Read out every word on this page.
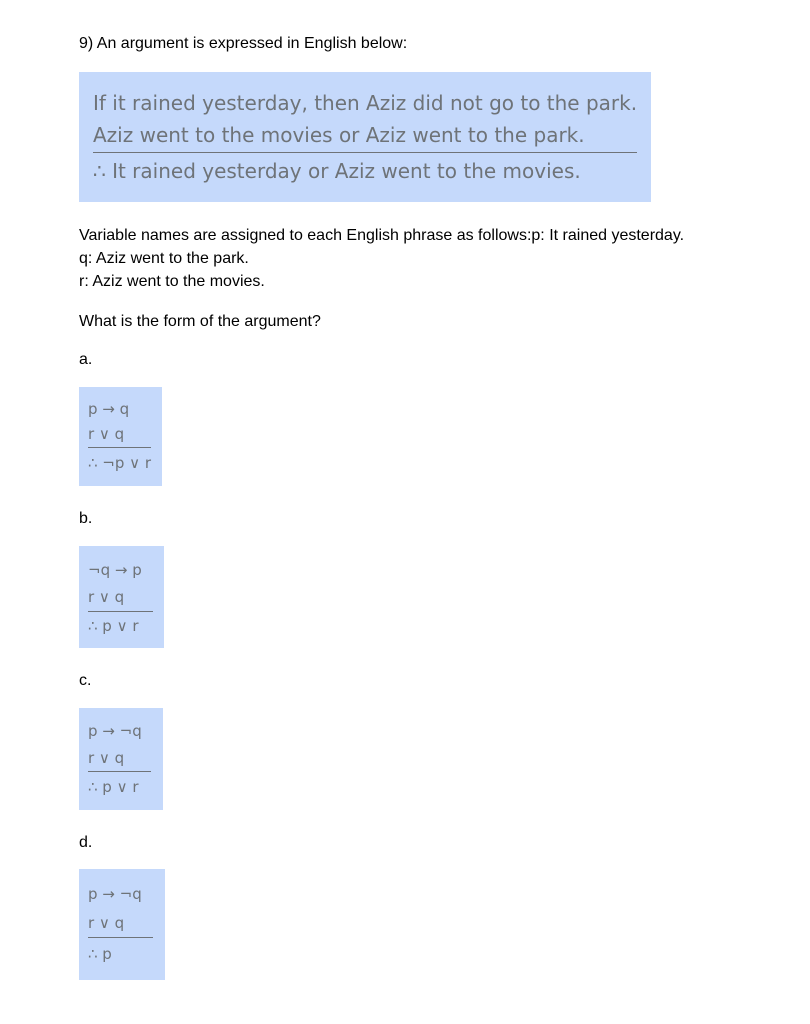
9) An argument is expressed in English below:
If it rained yesterday, then Aziz did not go to the park.
Aziz went to the movies or Aziz went to the park.
∴ It rained yesterday or Aziz went to the movies.
Variable names are assigned to each English phrase as follows:p: It rained yesterday.
q: Aziz went to the park.
r: Aziz went to the movies.
What is the form of the argument?
a.
p → q
r ∨ q
∴ ¬p ∨ r
b.
¬q → p
r ∨ q
∴ p ∨ r
c.
p → ¬q
r ∨ q
∴ p ∨ r
d.
p → ¬q
r ∨ q
∴ p
